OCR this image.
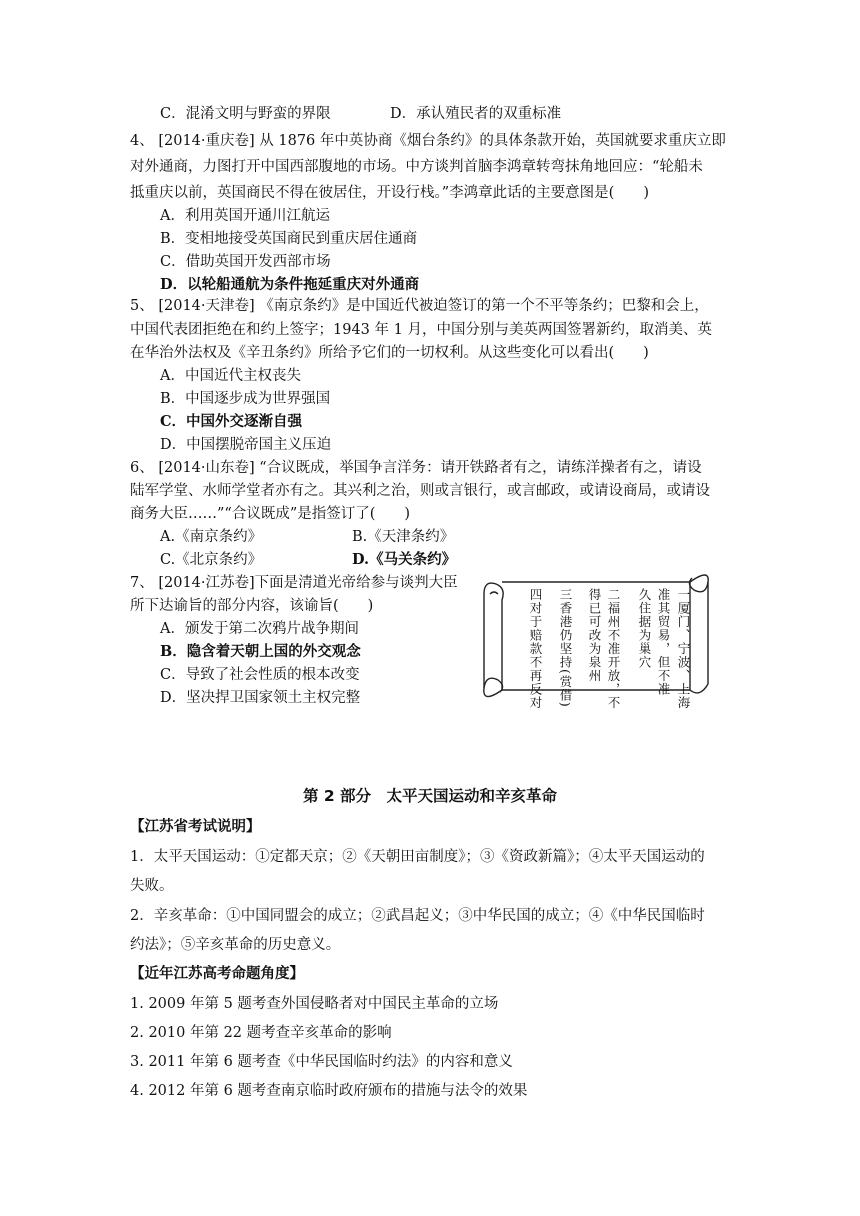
C．混淆文明与野蛮的界限	D．承认殖民者的双重标准
4、 [2014·重庆卷] 从 1876 年中英协商《烟台条约》的具体条款开始，英国就要求重庆立即
对外通商，力图打开中国西部腹地的市场。中方谈判首脑李鸿章转弯抹角地回应：“轮船未
抵重庆以前，英国商民不得在彼居住，开设行栈。”李鸿章此话的主要意图是(　　)
A．利用英国开通川江航运
B．变相地接受英国商民到重庆居住通商
C．借助英国开发西部市场
D．以轮船通航为条件拖延重庆对外通商
5、 [2014·天津卷] 《南京条约》是中国近代被迫签订的第一个不平等条约；巴黎和会上，
中国代表团拒绝在和约上签字；1943 年 1 月，中国分别与美英两国签署新约，取消美、英
在华治外法权及《辛丑条约》所给予它们的一切权利。从这些变化可以看出(　　)
A．中国近代主权丧失
B．中国逐步成为世界强国
C．中国外交逐渐自强
D．中国摆脱帝国主义压迫
6、 [2014·山东卷] “合议既成，举国争言洋务：请开铁路者有之，请练洋操者有之，请设
陆军学堂、水师学堂者亦有之。其兴利之治，则或言银行，或言邮政，或请设商局，或请设
商务大臣……”“合议既成”是指签订了(　　)
A.《南京条约》	B.《天津条约》
C.《北京条约》	D.《马关条约》
7、 [2014·江苏卷]下面是清道光帝给参与谈判大臣
所下达谕旨的部分内容，该谕旨(　　)
A．颁发于第二次鸦片战争期间
B．隐含着天朝上国的外交观念
C．导致了社会性质的根本改变
D．坚决捍卫国家领土主权完整	一厦门、宁波、上海
准其贸易，但不准
久住据为巢穴
二福州不准开放，不
得已可改为泉州
三香港仍坚持(赏借)
四对于赔款不再反对
第 2 部分　太平天国运动和辛亥革命
【江苏省考试说明】
1．太平天国运动：①定都天京；②《天朝田亩制度》；③《资政新篇》；④太平天国运动的
失败。
2．辛亥革命：①中国同盟会的成立；②武昌起义；③中华民国的成立；④《中华民国临时
约法》；⑤辛亥革命的历史意义。
【近年江苏高考命题角度】
1. 2009 年第 5 题考查外国侵略者对中国民主革命的立场
2. 2010 年第 22 题考查辛亥革命的影响
3. 2011 年第 6 题考查《中华民国临时约法》的内容和意义
4. 2012 年第 6 题考查南京临时政府颁布的措施与法令的效果
